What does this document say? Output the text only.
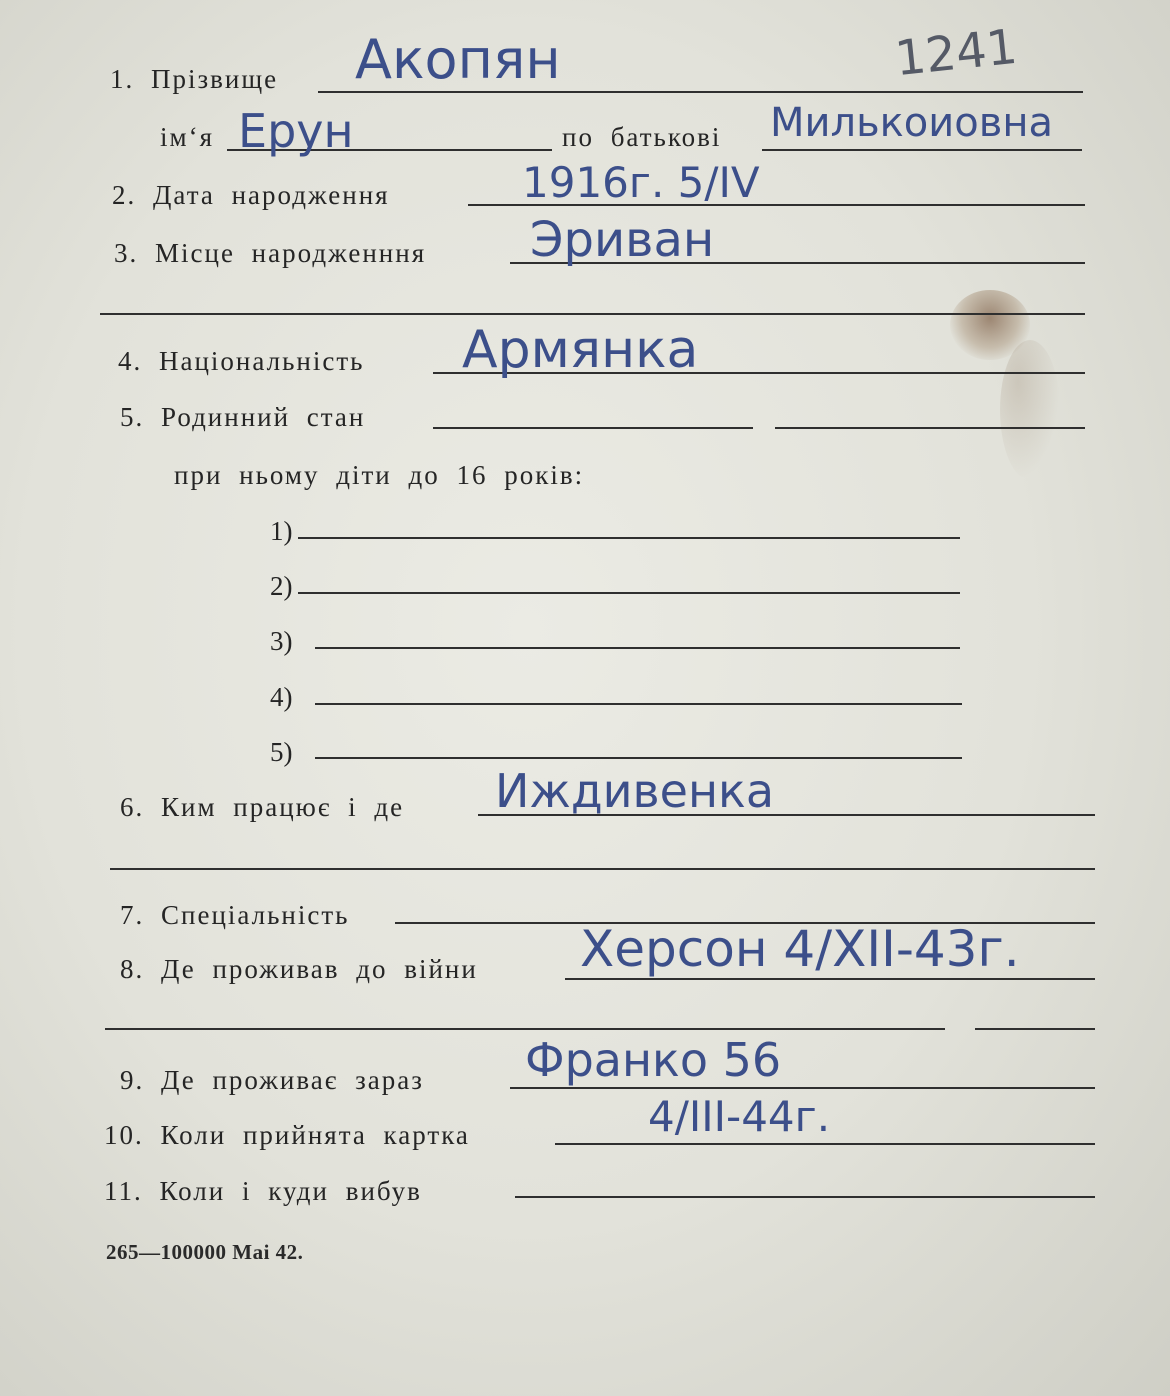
1241
1. Прізвище Акопян
ім‘я Ерун	по батькові Милькоиовна
2. Дата народження	1916г. 5/IV
3. Місце народженння Эриван
4. Національність Армянка
5. Родинний стан
при ньому діти до 16 років:
1)
2)
3)
4)
5)
6. Ким працює і де Иждивенка
7. Спеціальність
8. Де проживав до війни Херсон 4/XII-43г.
9. Де проживає зараз Франко 56
10. Коли прийнята картка	4/III-44г.
11. Коли і куди вибув
265—100000 Mai 42.
